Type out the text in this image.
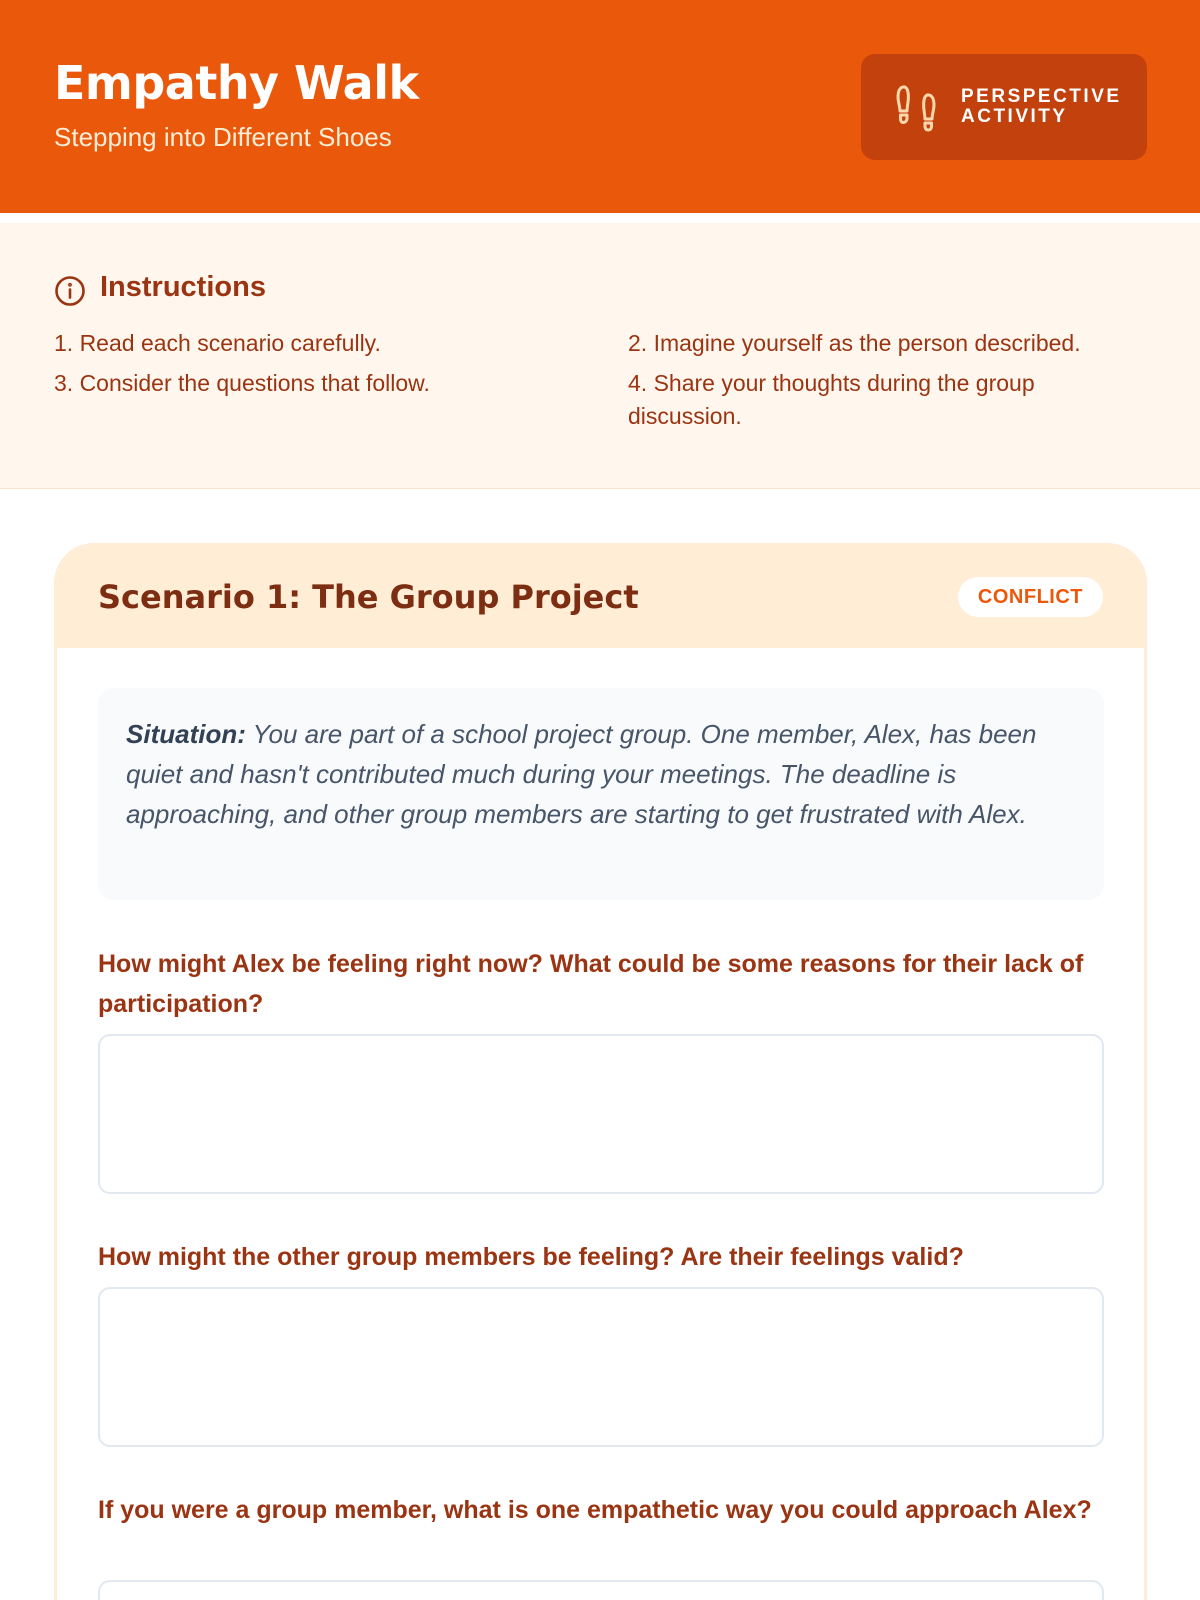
Empathy Walk
Stepping into Different Shoes
PERSPECTIVE
ACTIVITY
Instructions
1. Read each scenario carefully.	2. Imagine yourself as the person described.
3. Consider the questions that follow.	4. Share your thoughts during the group discussion.
Scenario 1: The Group Project	CONFLICT
Situation: You are part of a school project group. One member, Alex, has been quiet and hasn't contributed much during your meetings. The deadline is approaching, and other group members are starting to get frustrated with Alex.
How might Alex be feeling right now? What could be some reasons for their lack of participation?
How might the other group members be feeling? Are their feelings valid?
If you were a group member, what is one empathetic way you could approach Alex?
